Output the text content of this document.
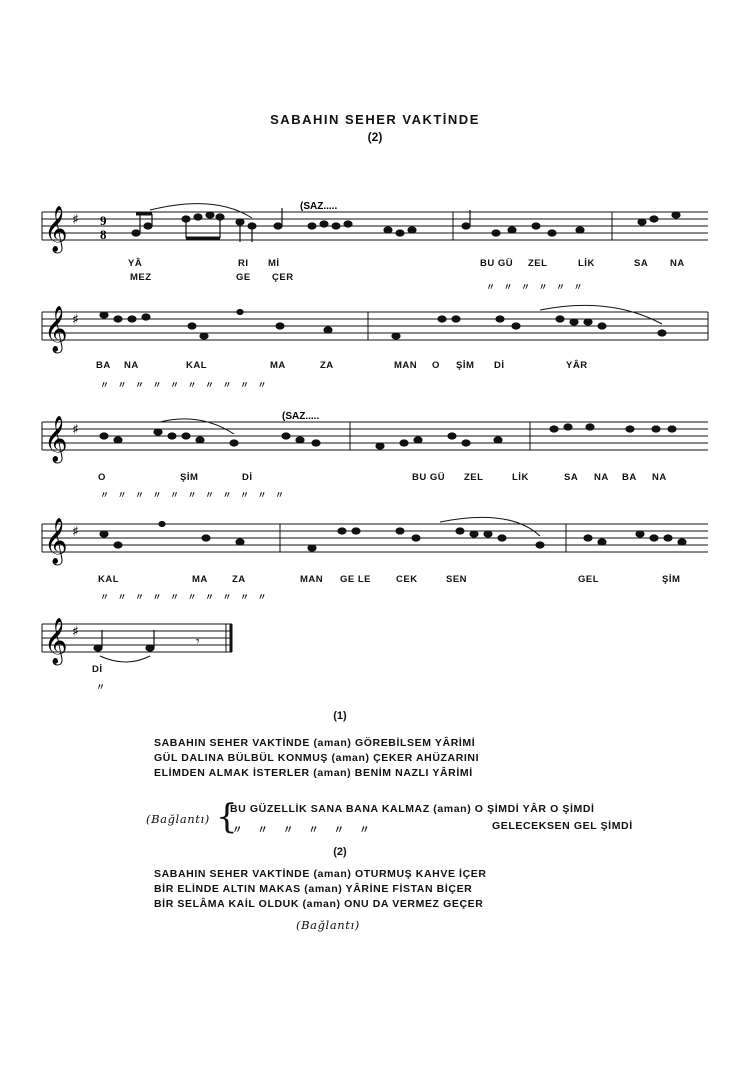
SABAHIN SEHER VAKTİNDE
(2)
𝄞 ♯ 9
8
(SAZ.....
YÂ	RI Mİ	BU GÜ ZEL	LİK	SA NA
MEZ	GE ÇER
〃 〃 〃 〃 〃 〃
𝄞 ♯
BA NA	KAL	MA	ZA	MAN O ŞİM Dİ	YÂR
〃 〃 〃 〃 〃 〃 〃 〃 〃 〃
𝄞 ♯
(SAZ.....
O	ŞİM	Dİ	BU GÜ ZEL	LİK	SA NA BA NA
〃 〃 〃 〃 〃 〃 〃 〃 〃 〃 〃
𝄞 ♯
KAL	MA	ZA	MAN GE LE	CEK	SEN	GEL	ŞİM
〃 〃 〃 〃 〃 〃 〃 〃 〃 〃
𝄞 ♯
𝄾
Dİ
〃
(1)
SABAHIN SEHER VAKTİNDE (aman) GÖREBİLSEM YÂRİMİ
GÜL DALINA BÜLBÜL KONMUŞ (aman) ÇEKER AHÜZARINI
ELİMDEN ALMAK İSTERLER (aman) BENİM NAZLI YÂRİMİ
(Bağlantı) {
BU GÜZELLİK SANA BANA KALMAZ (aman) O ŞİMDİ YÂR O ŞİMDİ
〃 〃 〃 〃 〃 〃	GELECEKSEN GEL ŞİMDİ
(2)
SABAHIN SEHER VAKTİNDE (aman) OTURMUŞ KAHVE İÇER
BİR ELİNDE ALTIN MAKAS (aman) YÂRİNE FİSTAN BİÇER
BİR SELÂMA KAİL OLDUK (aman) ONU DA VERMEZ GEÇER
(Bağlantı)
